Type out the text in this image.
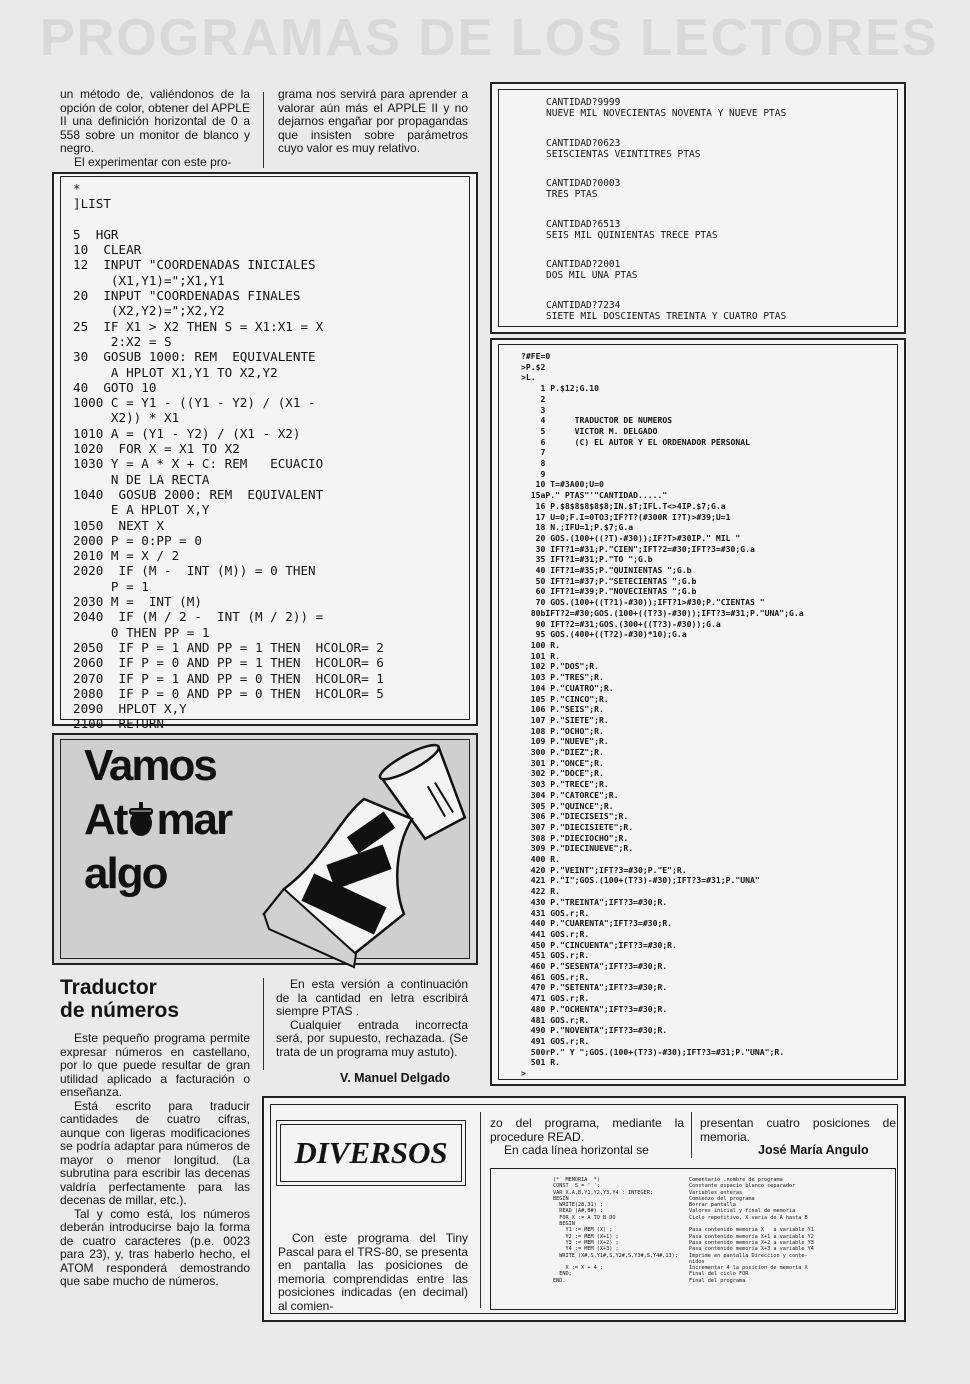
PROGRAMAS DE LOS LECTORES

un método de, valiéndonos de la opción de color, obtener del APPLE II una definición horizontal de 0 a 558 sobre un monitor de blanco y negro.

El experimentar con este pro-

grama nos servirá para aprender a valorar aún más el APPLE II y no dejarnos engañar por propagandas que insisten sobre parámetros cuyo valor es muy relativo.

*
]LIST

5  HGR
10  CLEAR
12  INPUT "COORDENADAS INICIALES
(X1,Y1)=";X1,Y1
20  INPUT "COORDENADAS FINALES
(X2,Y2)=";X2,Y2
25  IF X1 > X2 THEN S = X1:X1 = X
2:X2 = S
30  GOSUB 1000: REM  EQUIVALENTE
A HPLOT X1,Y1 TO X2,Y2
40  GOTO 10
1000 C = Y1 - ((Y1 - Y2) / (X1 -
X2)) * X1
1010 A = (Y1 - Y2) / (X1 - X2)
1020  FOR X = X1 TO X2
1030 Y = A * X + C: REM   ECUACIO
N DE LA RECTA
1040  GOSUB 2000: REM  EQUIVALENT
E A HPLOT X,Y
1050  NEXT X
2000 P = 0:PP = 0
2010 M = X / 2
2020  IF (M -  INT (M)) = 0 THEN
P = 1
2030 M =  INT (M)
2040  IF (M / 2 -  INT (M / 2)) =
0 THEN PP = 1
2050  IF P = 1 AND PP = 1 THEN  HCOLOR= 2
2060  IF P = 0 AND PP = 1 THEN  HCOLOR= 6
2070  IF P = 1 AND PP = 0 THEN  HCOLOR= 1
2080  IF P = 0 AND PP = 0 THEN  HCOLOR= 5
2090  HPLOT X,Y
2100  RETURN
CANTIDAD?9999
NUEVE MIL NOVECIENTAS NOVENTA Y NUEVE PTAS
CANTIDAD?0623
SEISCIENTAS VEINTITRES PTAS
CANTIDAD?0003
TRES PTAS
CANTIDAD?6513
SEIS MIL QUINIENTAS TRECE PTAS
CANTIDAD?2001
DOS MIL UNA PTAS
CANTIDAD?7234
SIETE MIL DOSCIENTAS TREINTA Y CUATRO PTAS
?#FE=0
>P.$2
>L.
1 P.$12;G.10
2
3
4      TRADUCTOR DE NUMEROS
5      VICTOR M. DELGADO
6      (C) EL AUTOR Y EL ORDENADOR PERSONAL
7
8
9
10 T=#3A00;U=0
15aP." PTAS"'"CANTIDAD....."
16 P.$8$8$8$8$8;IN.$T;IFL.T<>4IP.$7;G.a
17 U=0;F.I=0TO3;IF?T?(#300R I?T)>#39;U=1
18 N.;IFU=1;P.$7;G.a
20 GOS.(100+((?T)-#30));IF?T>#30IP." MIL "
30 IFT?1=#31;P."CIEN";IFT?2=#30;IFT?3=#30;G.a
35 IFT?1=#31;P."TO ";G.b
40 IFT?1=#35;P."QUINIENTAS ";G.b
50 IFT?1=#37;P."SETECIENTAS ";G.b
60 IFT?1=#39;P."NOVECIENTAS ";G.b
70 GOS.(100+((T?1)-#30));IFT?1>#30;P."CIENTAS "
80bIFT?2=#30;GOS.(100+((T?3)-#30));IFT?3=#31;P."UNA";G.a
90 IFT?2=#31;GOS.(300+((T?3)-#30));G.a
95 GOS.(400+((T?2)-#30)*10);G.a
100 R.
101 R.
102 P."DOS";R.
103 P."TRES";R.
104 P."CUATRO";R.
105 P."CINCO";R.
106 P."SEIS";R.
107 P."SIETE";R.
108 P."OCHO";R.
109 P."NUEVE";R.
300 P."DIEZ";R.
301 P."ONCE";R.
302 P."DOCE";R.
303 P."TRECE";R.
304 P."CATORCE";R.
305 P."QUINCE";R.
306 P."DIECISEIS";R.
307 P."DIECISIETE";R.
308 P."DIECIOCHO";R.
309 P."DIECINUEVE";R.
400 R.
420 P."VEINT";IFT?3=#30;P."E";R.
421 P."I";GOS.(100+(T?3)-#30);IFT?3=#31;P."UNA"
422 R.
430 P."TREINTA";IFT?3=#30;R.
431 GOS.r;R.
440 P."CUARENTA";IFT?3=#30;R.
441 GOS.r;R.
450 P."CINCUENTA";IFT?3=#30;R.
451 GOS.r;R.
460 P."SESENTA";IFT?3=#30;R.
461 GOS.r;R.
470 P."SETENTA";IFT?3=#30;R.
471 GOS.r;R.
480 P."OCHENTA";IFT?3=#30;R.
481 GOS.r;R.
490 P."NOVENTA";IFT?3=#30;R.
491 GOS.r;R.
500rP." Y ";GOS.(100+(T?3)-#30);IFT?3=#31;P."UNA";R.
501 R.
>
Vamos
At mar
algo
Traductor
de números

Este pequeño programa permite expresar números en castellano, por lo que puede resultar de gran utilidad aplicado a facturación o enseñanza.

Está escrito para traducir cantidades de cuatro cifras, aunque con ligeras modificaciones se podría adaptar para números de mayor o menor longitud. (La subrutina para escribir las decenas valdría perfectamente para las decenas de millar, etc.).

Tal y como está, los números deberán introducirse bajo la forma de cuatro caracteres (p.e. 0023 para 23), y, tras haberlo hecho, el ATOM responderá demostrando que sabe mucho de números.

En esta versión a continuación de la cantidad en letra escribirá siempre PTAS .

Cualquier entrada incorrecta será, por supuesto, rechazada. (Se trata de un programa muy astuto).

V. Manuel Delgado
DIVERSOS

Con este programa del Tiny Pascal para el TRS-80, se presenta en pantalla las posiciones de memoria comprendidas entre las posiciones indicadas (en decimal) al comien-

zo del programa, mediante la procedure READ.

En cada línea horizontal se

presentan cuatro posiciones de memoria.

José María Angulo
(*  MEMORIA  *)
CONST  S = ' ';
VAR X,A,B,Y1,Y2,Y3,Y4 : INTEGER;
BEGIN
WRITE(28,31) ;
READ (A#,B#) ;
FOR X := A TO B DO
BEGIN
Y1 := MEM (X) ;
Y2 := MEM (X+1) ;
Y3 := MEM (X+2) ;
Y4 := MEM (X+3) ;
WRITE (X#,S,Y1#,S,Y2#,S,Y3#,S,Y4#,13);

X := X + 4 ;
END;
END.
Comentario ,nombre de programa
Constante espacio blanco separador
Variables enteras
Comienzo del programa
Borrar pantalla
Valores inicial y final de memoria
Ciclo repetitivo, X varia de A hasta B

Pasa contenido memoria X   a variable Y1
Pasa contenido memoria X+1 a variable Y2
Pasa contenido memoria X+2 a variable Y3
Pasa contenido memoria X+3 a variable Y4
Imprime en pantalla Direccion y conte-
nidos
Incrementar 4 la posicion de memoria X
Final del ciclo FOR
Final del programa
